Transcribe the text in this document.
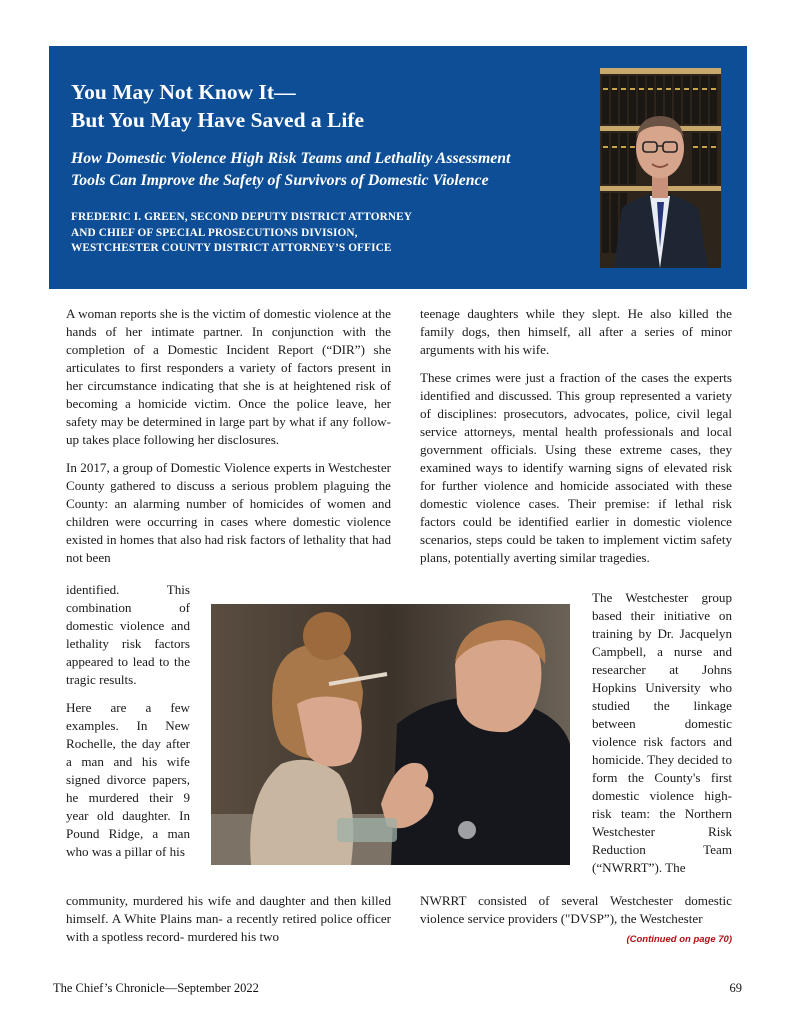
You May Not Know It—
But You May Have Saved a Life
How Domestic Violence High Risk Teams and Lethality Assessment
Tools Can Improve the Safety of Survivors of Domestic Violence
FREDERIC I. GREEN, SECOND DEPUTY DISTRICT ATTORNEY
AND CHIEF OF SPECIAL PROSECUTIONS DIVISION,
WESTCHESTER COUNTY DISTRICT ATTORNEY’S OFFICE

A woman reports she is the victim of domestic violence at the hands of her intimate partner. In conjunction with the completion of a Domestic Incident Report (“DIR”) she articulates to first responders a variety of factors present in her circumstance indicating that she is at heightened risk of becoming a homicide victim. Once the police leave, her safety may be determined in large part by what if any follow-up takes place following her disclosures.

In 2017, a group of Domestic Violence experts in Westchester County gathered to discuss a serious problem plaguing the County: an alarming number of homicides of women and children were occurring in cases where domestic violence existed in homes that also had risk factors of lethality that had not been

identified. This combination of domestic violence and lethality risk factors appeared to lead to the tragic results.

Here are a few examples. In New Rochelle, the day after a man and his wife signed divorce papers, he murdered their 9 year old daughter. In Pound Ridge, a man who was a pillar of his

The Westchester group based their initiative on training by Dr. Jacquelyn Campbell, a nurse and researcher at Johns Hopkins University who studied the linkage between domestic violence risk factors and homicide. They decided to form the County's first domestic violence high-risk team: the Northern Westchester Risk Reduction Team (“NWRRT”). The

community, murdered his wife and daughter and then killed himself. A White Plains man- a recently retired police officer with a spotless record- murdered his two

teenage daughters while they slept. He also killed the family dogs, then himself, all after a series of minor arguments with his wife.

These crimes were just a fraction of the cases the experts identified and discussed. This group represented a variety of disciplines: prosecutors, advocates, police, civil legal service attorneys, mental health professionals and local government officials. Using these extreme cases, they examined ways to identify warning signs of elevated risk for further violence and homicide associated with these domestic violence cases. Their premise: if lethal risk factors could be identified earlier in domestic violence scenarios, steps could be taken to implement victim safety plans, potentially averting similar tragedies.

NWRRT consisted of several Westchester domestic violence service providers ("DVSP”), the Westchester

(Continued on page 70)
The Chief’s Chronicle—September 2022	69
